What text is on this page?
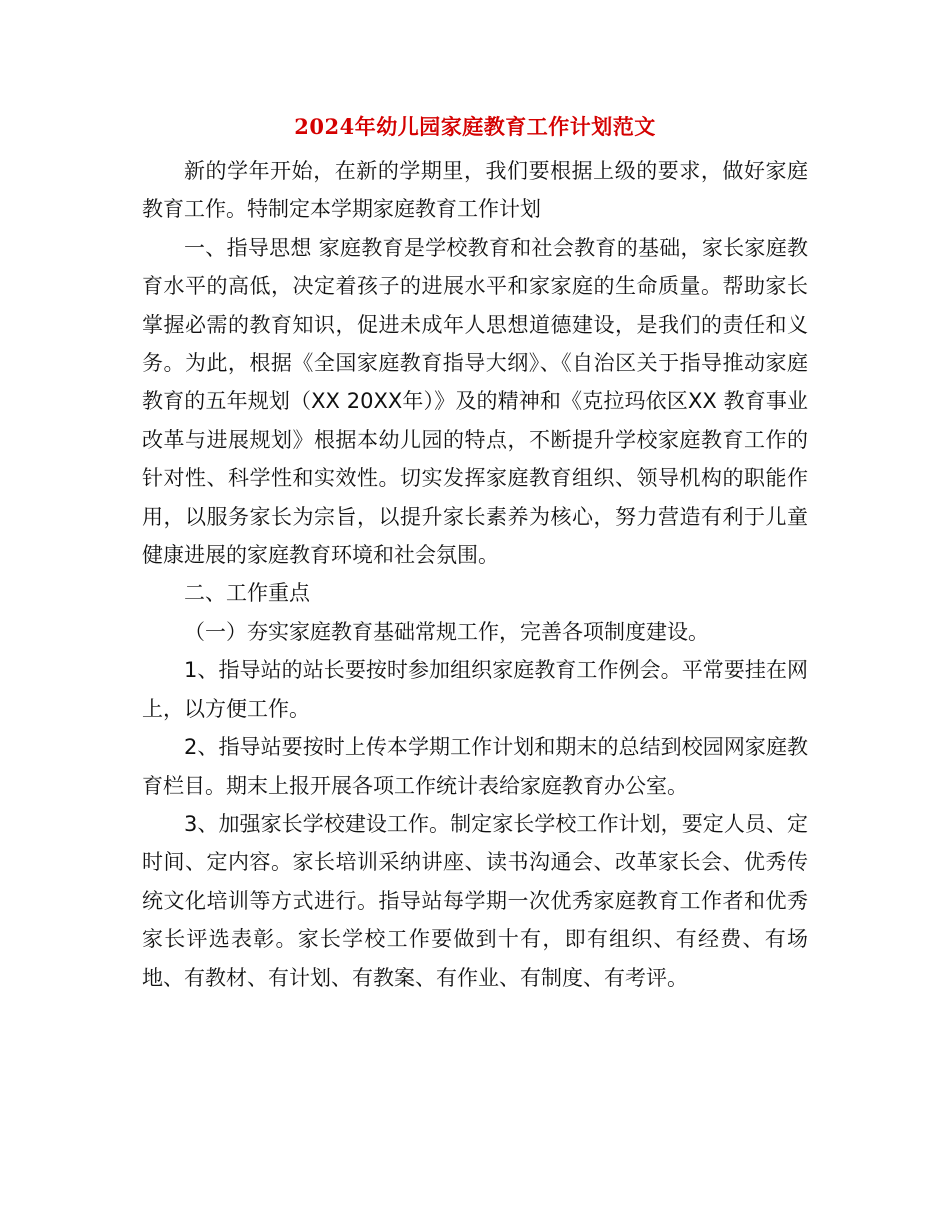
2024年幼儿园家庭教育工作计划范文

新的学年开始，在新的学期里，我们要根据上级的要求，做好家庭教育工作。特制定本学期家庭教育工作计划

一、指导思想 家庭教育是学校教育和社会教育的基础，家长家庭教育水平的高低，决定着孩子的进展水平和家家庭的生命质量。帮助家长掌握必需的教育知识，促进未成年人思想道德建设，是我们的责任和义务。为此，根据《全国家庭教育指导大纲》、《自治区关于指导推动家庭教育的五年规划（XX 20XX年）》及的精神和《克拉玛依区XX 教育事业改革与进展规划》根据本幼儿园的特点，不断提升学校家庭教育工作的针对性、科学性和实效性。切实发挥家庭教育组织、领导机构的职能作用，以服务家长为宗旨，以提升家长素养为核心，努力营造有利于儿童健康进展的家庭教育环境和社会氛围。

二、工作重点

（一）夯实家庭教育基础常规工作，完善各项制度建设。

1、指导站的站长要按时参加组织家庭教育工作例会。平常要挂在网上，以方便工作。

2、指导站要按时上传本学期工作计划和期末的总结到校园网家庭教育栏目。期末上报开展各项工作统计表给家庭教育办公室。

3、加强家长学校建设工作。制定家长学校工作计划，要定人员、定时间、定内容。家长培训采纳讲座、读书沟通会、改革家长会、优秀传统文化培训等方式进行。指导站每学期一次优秀家庭教育工作者和优秀家长评选表彰。家长学校工作要做到十有，即有组织、有经费、有场地、有教材、有计划、有教案、有作业、有制度、有考评。
